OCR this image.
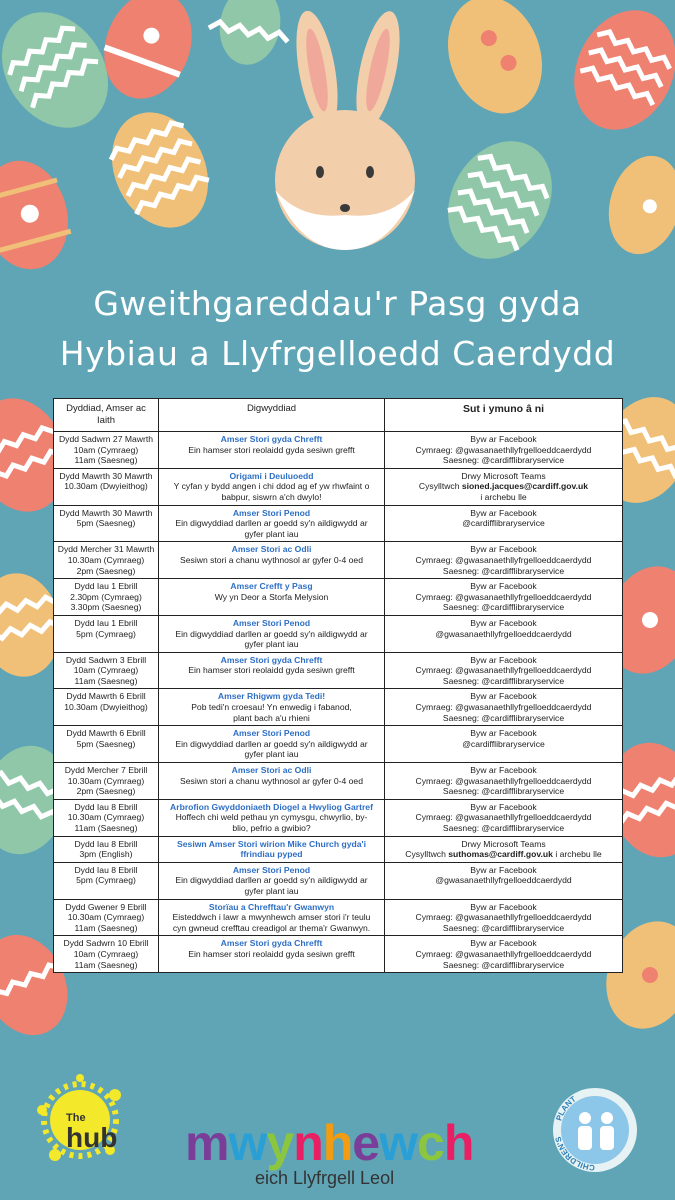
Gweithgareddau'r Pasg gyda
Hybiau a Llyfrgelloedd Caerdydd
Dyddiad, Amser ac Iaith	Digwyddiad	Sut i ymuno â ni

Dydd Sadwrn 27 Mawrth
10am (Cymraeg)
11am (Saesneg)	Amser Stori gyda Chrefft
Ein hamser stori reolaidd gyda sesiwn grefft	Byw ar Facebook
Cymraeg: @gwasanaethllyfrgelloeddcaerdydd
Saesneg: @cardifflibraryservice

Dydd Mawrth 30 Mawrth
10.30am (Dwyieithog)	Origami i Deuluoedd
Y cyfan y bydd angen i chi ddod ag ef yw rhwfaint o
babpur, siswrn a'ch dwylo!	Drwy Microsoft Teams
Cysylltwch sioned.jacques@cardiff.gov.uk
i archebu lle

Dydd Mawrth 30 Mawrth
5pm (Saesneg)	Amser Stori Penod
Ein digwyddiad darllen ar goedd sy'n aildigwydd ar
gyfer plant iau	Byw ar Facebook
@cardifflibraryservice

Dydd Mercher 31 Mawrth
10.30am (Cymraeg)
2pm (Saesneg)	Amser Stori ac Odli
Sesiwn stori a chanu wythnosol ar gyfer 0-4 oed	Byw ar Facebook
Cymraeg: @gwasanaethllyfrgelloeddcaerdydd
Saesneg: @cardifflibraryservice

Dydd Iau 1 Ebrill
2.30pm (Cymraeg)
3.30pm (Saesneg)	Amser Crefft y Pasg
Wy yn Deor a Storfa Melysion	Byw ar Facebook
Cymraeg: @gwasanaethllyfrgelloeddcaerdydd
Saesneg: @cardifflibraryservice

Dydd Iau 1 Ebrill
5pm (Cymraeg)	Amser Stori Penod
Ein digwyddiad darllen ar goedd sy'n aildigwydd ar
gyfer plant iau	Byw ar Facebook
@gwasanaethllyfrgelloeddcaerdydd

Dydd Sadwrn 3 Ebrill
10am (Cymraeg)
11am (Saesneg)	Amser Stori gyda Chrefft
Ein hamser stori reolaidd gyda sesiwn grefft	Byw ar Facebook
Cymraeg: @gwasanaethllyfrgelloeddcaerdydd
Saesneg: @cardifflibraryservice

Dydd Mawrth 6 Ebrill
10.30am (Dwyieithog)	Amser Rhigwm gyda Tedi!
Pob tedi'n croesau! Yn enwedig i fabanod,
plant bach a'u rhieni	Byw ar Facebook
Cymraeg: @gwasanaethllyfrgelloeddcaerdydd
Saesneg: @cardifflibraryservice

Dydd Mawrth 6 Ebrill
5pm (Saesneg)	Amser Stori Penod
Ein digwyddiad darllen ar goedd sy'n aildigwydd ar
gyfer plant iau	Byw ar Facebook
@cardifflibraryservice

Dydd Mercher 7 Ebrill
10.30am (Cymraeg)
2pm (Saesneg)	Amser Stori ac Odli
Sesiwn stori a chanu wythnosol ar gyfer 0-4 oed	Byw ar Facebook
Cymraeg: @gwasanaethllyfrgelloeddcaerdydd
Saesneg: @cardifflibraryservice

Dydd Iau 8 Ebrill
10.30am (Cymraeg)
11am (Saesneg)	Arbrofion Gwyddoniaeth Diogel a Hwyliog Gartref
Hoffech chi weld pethau yn cymysgu, chwyrlio, by-
blio, pefrio a gwibio?	Byw ar Facebook
Cymraeg: @gwasanaethllyfrgelloeddcaerdydd
Saesneg: @cardifflibraryservice

Dydd Iau 8 Ebrill
3pm (English)	Sesiwn Amser Stori wirion Mike Church gyda'i ffrindiau pyped	Drwy Microsoft Teams
Cysylltwch suthomas@cardiff.gov.uk i archebu lle

Dydd Iau 8 Ebrill
5pm (Cymraeg)	Amser Stori Penod
Ein digwyddiad darllen ar goedd sy'n aildigwydd ar
gyfer plant iau	Byw ar Facebook
@gwasanaethllyfrgelloeddcaerdydd

Dydd Gwener 9 Ebrill
10.30am (Cymraeg)
11am (Saesneg)	Storïau a Chrefftau'r Gwanwyn
Eisteddwch i lawr a mwynhewch amser stori i'r teulu
cyn gwneud crefftau creadigol ar thema'r Gwanwyn.	Byw ar Facebook
Cymraeg: @gwasanaethllyfrgelloeddcaerdydd
Saesneg: @cardifflibraryservice

Dydd Sadwrn 10 Ebrill
10am (Cymraeg)
11am (Saesneg)	Amser Stori gyda Chrefft
Ein hamser stori reolaidd gyda sesiwn grefft	Byw ar Facebook
Cymraeg: @gwasanaethllyfrgelloeddcaerdydd
Saesneg: @cardifflibraryservice
The
hub mwynhewch
eich Llyfrgell Leol
PLANT
CHILDREN'S
